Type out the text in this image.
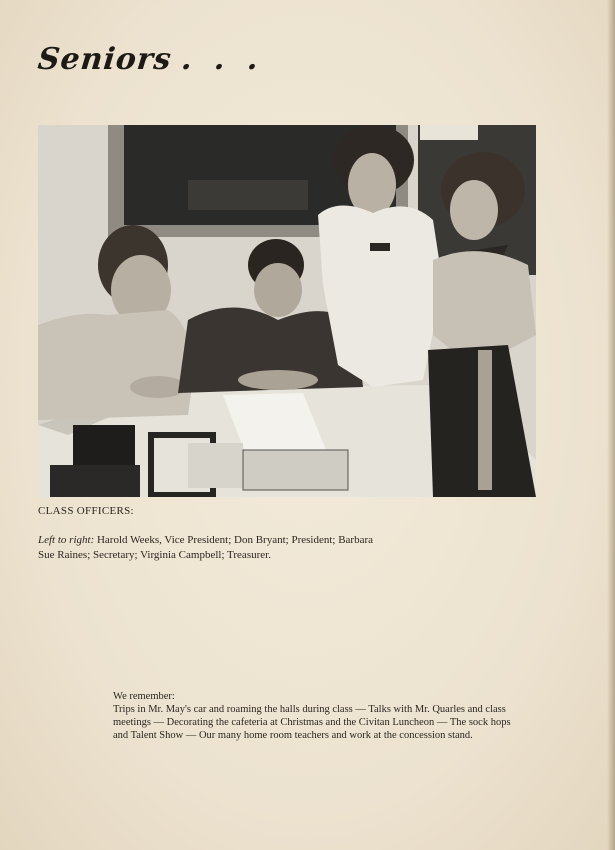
Seniors . . .
CLASS OFFICERS:
Left to right: Harold Weeks, Vice President; Don Bryant; President; Barbara
Sue Raines; Secretary; Virginia Campbell; Treasurer.
We remember:
Trips in Mr. May's car and roaming the halls during class — Talks with Mr. Quarles and class
meetings — Decorating the cafeteria at Christmas and the Civitan Luncheon — The sock hops
and Talent Show — Our many home room teachers and work at the concession stand.
